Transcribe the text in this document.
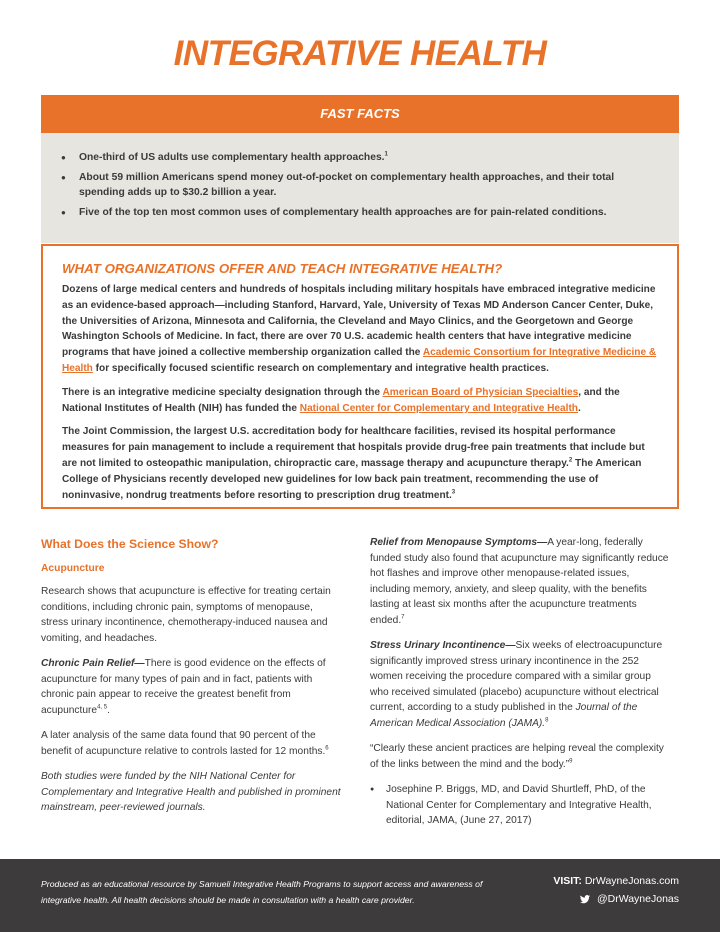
INTEGRATIVE HEALTH
FAST FACTS
● One-third of US adults use complementary health approaches.$^1$
● About 59 million Americans spend money out-of-pocket on complementary health approaches, and their total spending adds up to $30.2 billion a year.
● Five of the top ten most common uses of complementary health approaches are for pain-related conditions.
WHAT ORGANIZATIONS OFFER AND TEACH INTEGRATIVE HEALTH?

Dozens of large medical centers and hundreds of hospitals including military hospitals have embraced integrative medicine as an evidence-based approach—including Stanford, Harvard, Yale, University of Texas MD Anderson Cancer Center, Duke, the Universities of Arizona, Minnesota and California, the Cleveland and Mayo Clinics, and the Georgetown and George Washington Schools of Medicine. In fact, there are over 70 U.S. academic health centers that have integrative medicine programs that have joined a collective membership organization called the Academic Consortium for Integrative Medicine & Health for specifically focused scientific research on complementary and integrative health practices.

There is an integrative medicine specialty designation through the American Board of Physician Specialties, and the National Institutes of Health (NIH) has funded the National Center for Complementary and Integrative Health.

The Joint Commission, the largest U.S. accreditation body for healthcare facilities, revised its hospital performance measures for pain management to include a requirement that hospitals provide drug-free pain treatments that include but are not limited to osteopathic manipulation, chiropractic care, massage therapy and acupuncture therapy.$^2$ The American College of Physicians recently developed new guidelines for low back pain treatment, recommending the use of noninvasive, nondrug treatments before resorting to prescription drug treatment.$^3$

What Does the Science Show?
Acupuncture

Research shows that acupuncture is effective for treating certain conditions, including chronic pain, symptoms of menopause, stress urinary incontinence, chemotherapy-induced nausea and vomiting, and headaches.

Chronic Pain Relief—There is good evidence on the effects of acupuncture for many types of pain and in fact, patients with chronic pain appear to receive the greatest benefit from acupuncture$^{4, 5}$.

A later analysis of the same data found that 90 percent of the benefit of acupuncture relative to controls lasted for 12 months.$^6$

Both studies were funded by the NIH National Center for Complementary and Integrative Health and published in prominent mainstream, peer-reviewed journals.

Relief from Menopause Symptoms—A year-long, federally funded study also found that acupuncture may significantly reduce hot flashes and improve other menopause-related issues, including memory, anxiety, and sleep quality, with the benefits lasting at least six months after the acupuncture treatments ended.$^7$

Stress Urinary Incontinence—Six weeks of electroacupuncture significantly improved stress urinary incontinence in the 252 women receiving the procedure compared with a similar group who received simulated (placebo) acupuncture without electrical current, according to a study published in the Journal of the American Medical Association (JAMA).$^8$

“Clearly these ancient practices are helping reveal the complexity of the links between the mind and the body.”$^9$

● Josephine P. Briggs, MD, and David Shurtleff, PhD, of the National Center for Complementary and Integrative Health, editorial, JAMA, (June 27, 2017)

Produced as an educational resource by Samueli Integrative Health Programs to support access and awareness of integrative health. All health decisions should be made in consultation with a health care provider.
VISIT: DrWayneJonas.com
@DrWayneJonas
